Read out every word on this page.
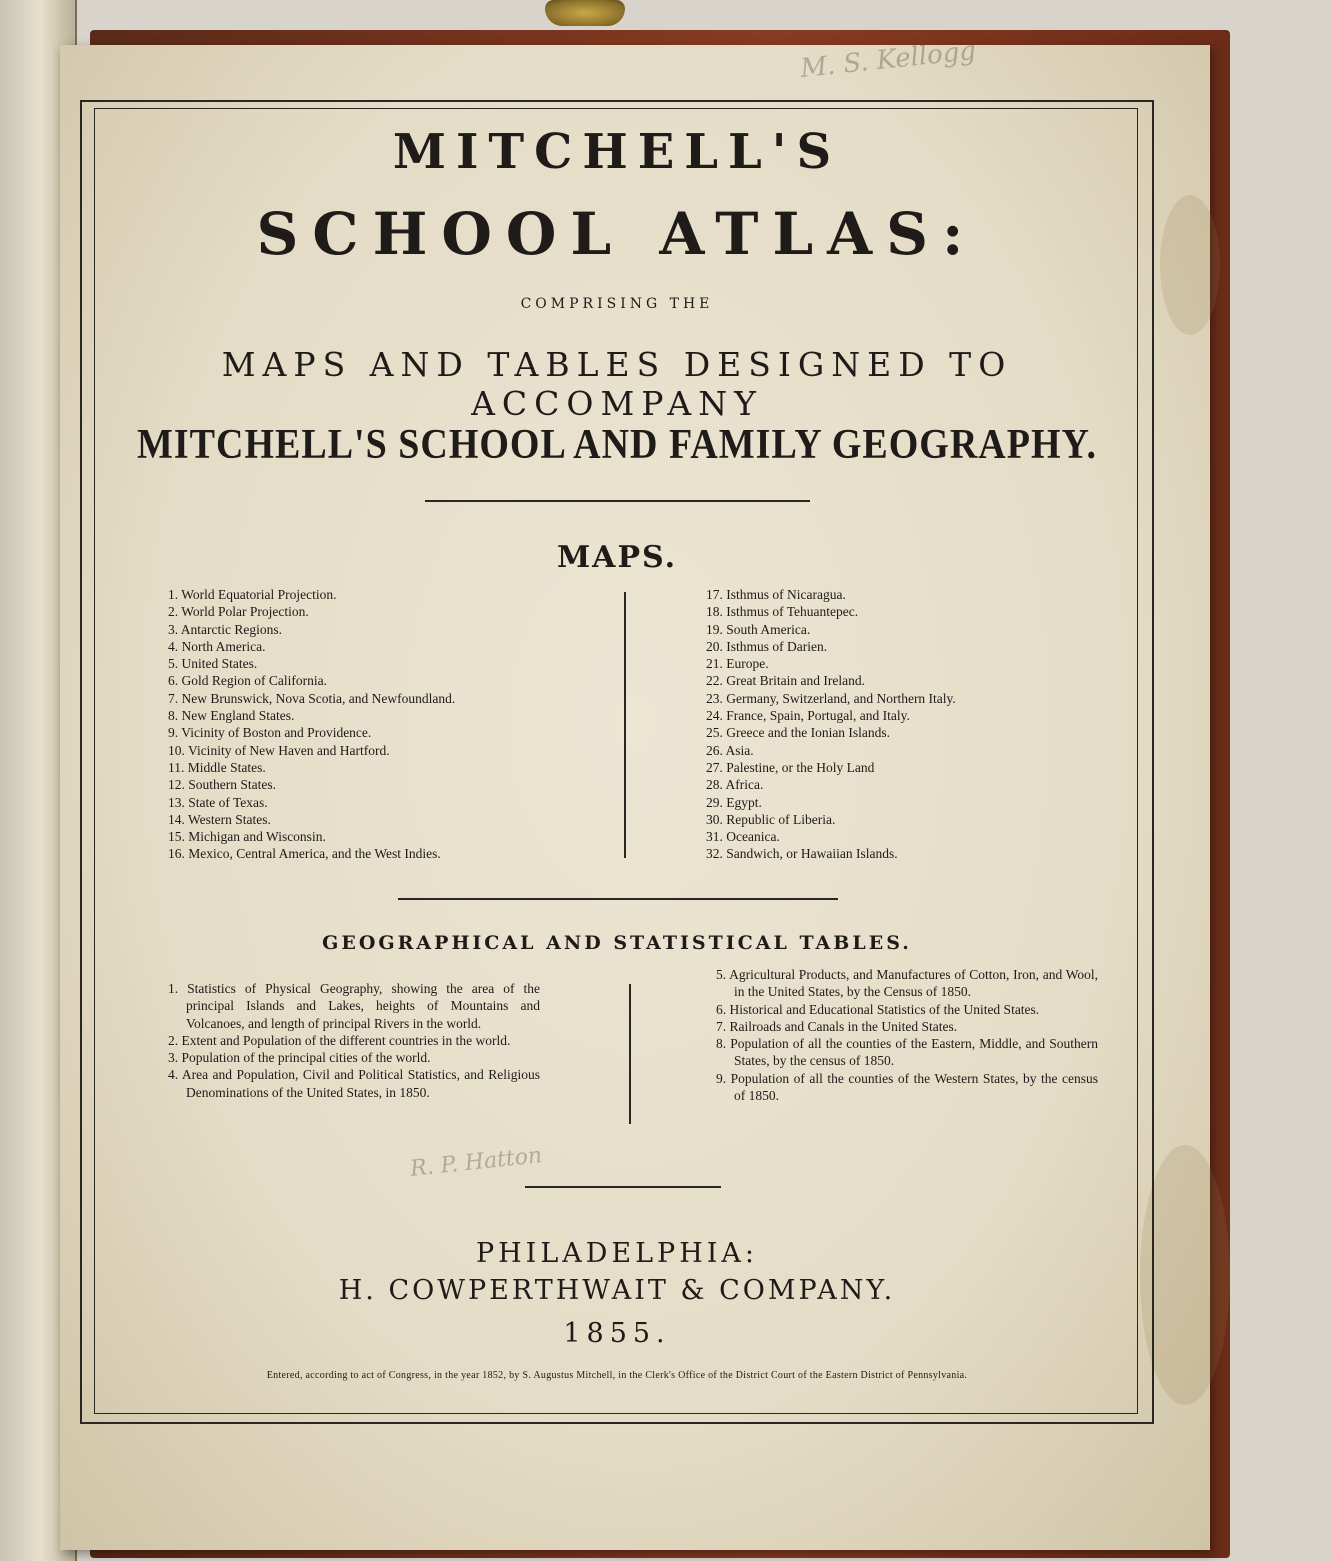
M. S. Kellogg
R. P. Hatton
MITCHELL'S
SCHOOL ATLAS:
COMPRISING THE
MAPS AND TABLES DESIGNED TO ACCOMPANY
MITCHELL'S SCHOOL AND FAMILY GEOGRAPHY.
MAPS.
1. World Equatorial Projection.
2. World Polar Projection.
3. Antarctic Regions.
4. North America.
5. United States.
6. Gold Region of California.
7. New Brunswick, Nova Scotia, and Newfoundland.
8. New England States.
9. Vicinity of Boston and Providence.
10. Vicinity of New Haven and Hartford.
11. Middle States.
12. Southern States.
13. State of Texas.
14. Western States.
15. Michigan and Wisconsin.
16. Mexico, Central America, and the West Indies.
17. Isthmus of Nicaragua.
18. Isthmus of Tehuantepec.
19. South America.
20. Isthmus of Darien.
21. Europe.
22. Great Britain and Ireland.
23. Germany, Switzerland, and Northern Italy.
24. France, Spain, Portugal, and Italy.
25. Greece and the Ionian Islands.
26. Asia.
27. Palestine, or the Holy Land
28. Africa.
29. Egypt.
30. Republic of Liberia.
31. Oceanica.
32. Sandwich, or Hawaiian Islands.
GEOGRAPHICAL AND STATISTICAL TABLES.
1. Statistics of Physical Geography, showing the area of the principal Islands and Lakes, heights of Mountains and Volcanoes, and length of principal Rivers in the world.
2. Extent and Population of the different countries in the world.
3. Population of the principal cities of the world.
4. Area and Population, Civil and Political Statistics, and Religious Denominations of the United States, in 1850.
5. Agricultural Products, and Manufactures of Cotton, Iron, and Wool, in the United States, by the Census of 1850.
6. Historical and Educational Statistics of the United States.
7. Railroads and Canals in the United States.
8. Population of all the counties of the Eastern, Middle, and Southern States, by the census of 1850.
9. Population of all the counties of the Western States, by the census of 1850.
PHILADELPHIA:
H. COWPERTHWAIT & COMPANY.
1855.
Entered, according to act of Congress, in the year 1852, by S. Augustus Mitchell, in the Clerk's Office of the District Court of the Eastern District of Pennsylvania.
